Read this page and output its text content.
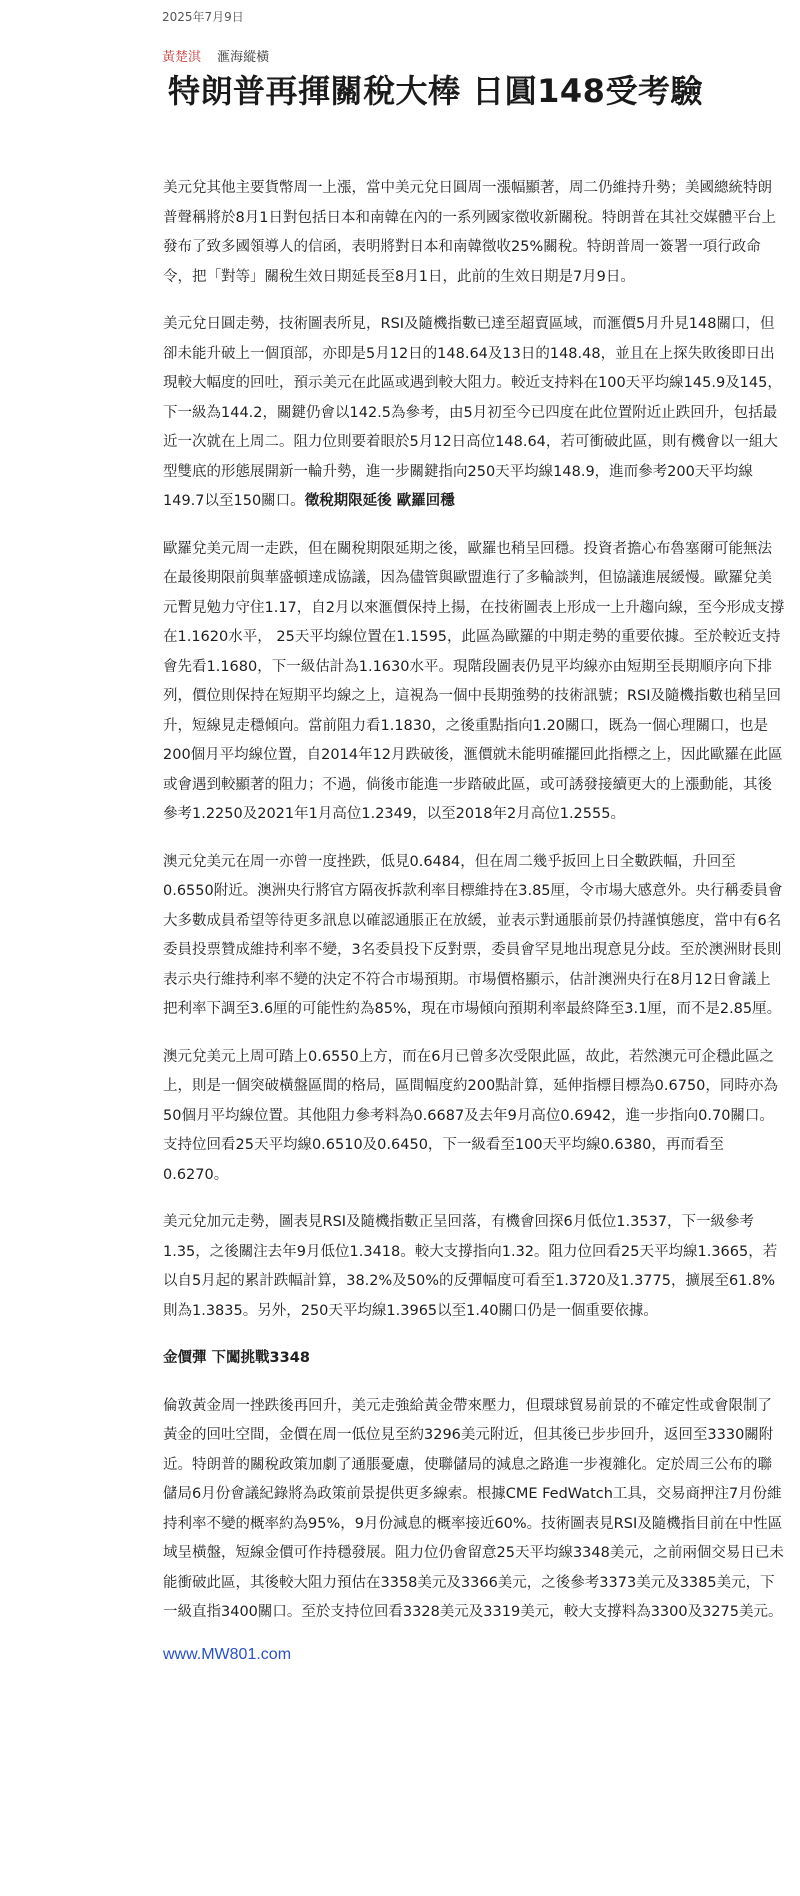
2025年7月9日
黃楚淇 滙海縱橫
特朗普再揮關稅大棒 日圓148受考驗

美元兌其他主要貨幣周一上漲，當中美元兌日圓周一漲幅顯著，周二仍維持升勢；美國總統特朗普聲稱將於8月1日對包括日本和南韓在內的一系列國家徵收新關稅。特朗普在其社交媒體平台上發布了致多國領導人的信函，表明將對日本和南韓徵收25%關稅。特朗普周一簽署一項行政命令，把「對等」關稅生效日期延長至8月1日，此前的生效日期是7月9日。

美元兌日圓走勢，技術圖表所見，RSI及隨機指數已達至超賣區域，而滙價5月升見148關口，但卻未能升破上一個頂部，亦即是5月12日的148.64及13日的148.48，並且在上探失敗後即日出現較大幅度的回吐，預示美元在此區或遇到較大阻力。較近支持料在100天平均線145.9及145，下一級為144.2，關鍵仍會以142.5為參考，由5月初至今已四度在此位置附近止跌回升，包括最近一次就在上周二。阻力位則要着眼於5月12日高位148.64，若可衝破此區，則有機會以一組大型雙底的形態展開新一輪升勢，進一步關鍵指向250天平均線148.9，進而參考200天平均線149.7以至150關口。徵稅期限延後 歐羅回穩

歐羅兌美元周一走跌，但在關稅期限延期之後，歐羅也稍呈回穩。投資者擔心布魯塞爾可能無法在最後期限前與華盛頓達成協議，因為儘管與歐盟進行了多輪談判，但協議進展緩慢。歐羅兌美元暫見勉力守住1.17，自2月以來滙價保持上揚，在技術圖表上形成一上升趨向線，至今形成支撐在1.1620水平， 25天平均線位置在1.1595，此區為歐羅的中期走勢的重要依據。至於較近支持會先看1.1680，下一級估計為1.1630水平。現階段圖表仍見平均線亦由短期至長期順序向下排列，價位則保持在短期平均線之上，這視為一個中長期強勢的技術訊號；RSI及隨機指數也稍呈回升，短線見走穩傾向。當前阻力看1.1830，之後重點指向1.20關口，既為一個心理關口，也是200個月平均線位置，自2014年12月跌破後，滙價就未能明確擺回此指標之上，因此歐羅在此區或會遇到較顯著的阻力；不過，倘後市能進一步踏破此區，或可誘發接續更大的上漲動能，其後參考1.2250及2021年1月高位1.2349，以至2018年2月高位1.2555。

澳元兌美元在周一亦曾一度挫跌，低見0.6484，但在周二幾乎扳回上日全數跌幅，升回至0.6550附近。澳洲央行將官方隔夜拆款利率目標維持在3.85厘，令市場大感意外。央行稱委員會大多數成員希望等待更多訊息以確認通脹正在放緩，並表示對通脹前景仍持謹慎態度，當中有6名委員投票贊成維持利率不變，3名委員投下反對票，委員會罕見地出現意見分歧。至於澳洲財長則表示央行維持利率不變的決定不符合市場預期。市場價格顯示，估計澳洲央行在8月12日會議上把利率下調至3.6厘的可能性約為85%，現在市場傾向預期利率最終降至3.1厘，而不是2.85厘。

澳元兌美元上周可踏上0.6550上方，而在6月已曾多次受限此區，故此，若然澳元可企穩此區之上，則是一個突破橫盤區間的格局，區間幅度約200點計算，延伸指標目標為0.6750，同時亦為50個月平均線位置。其他阻力參考料為0.6687及去年9月高位0.6942，進一步指向0.70關口。支持位回看25天平均線0.6510及0.6450，下一級看至100天平均線0.6380，再而看至0.6270。

美元兌加元走勢，圖表見RSI及隨機指數正呈回落，有機會回探6月低位1.3537，下一級參考1.35，之後關注去年9月低位1.3418。較大支撐指向1.32。阻力位回看25天平均線1.3665，若以自5月起的累計跌幅計算，38.2%及50%的反彈幅度可看至1.3720及1.3775，擴展至61.8%則為1.3835。另外，250天平均線1.3965以至1.40關口仍是一個重要依據。

金價彈 下闖挑戰3348

倫敦黃金周一挫跌後再回升，美元走強給黃金帶來壓力，但環球貿易前景的不確定性或會限制了黃金的回吐空間，金價在周一低位見至約3296美元附近，但其後已步步回升，返回至3330關附近。特朗普的關稅政策加劇了通脹憂慮，使聯儲局的減息之路進一步複雜化。定於周三公布的聯儲局6月份會議紀錄將為政策前景提供更多線索。根據CME FedWatch工具，交易商押注7月份維持利率不變的概率約為95%，9月份減息的概率接近60%。技術圖表見RSI及隨機指目前在中性區域呈橫盤，短線金價可作持穩發展。阻力位仍會留意25天平均線3348美元，之前兩個交易日已未能衝破此區，其後較大阻力預估在3358美元及3366美元，之後參考3373美元及3385美元，下一級直指3400關口。至於支持位回看3328美元及3319美元，較大支撐料為3300及3275美元。

www.MW801.com
